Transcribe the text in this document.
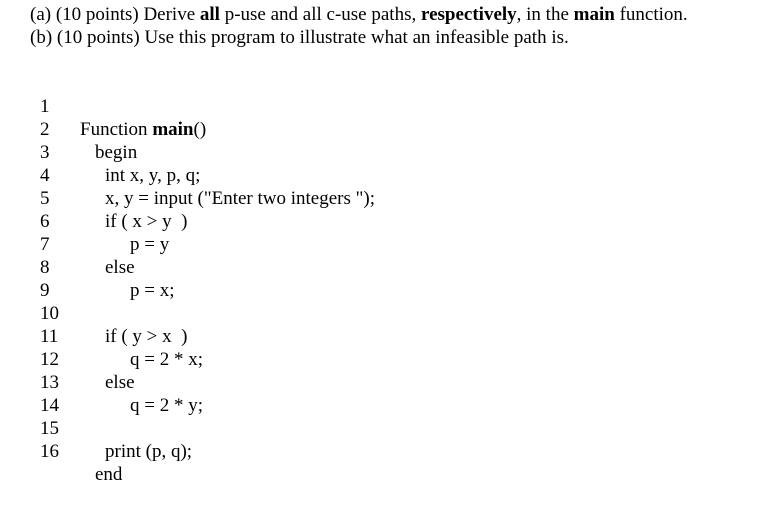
(a) (10 points) Derive all p-use and all c-use paths, respectively, in the main function.
(b) (10 points) Use this program to illustrate what an infeasible path is.

1

Function main()

2

begin

3

int x, y, p, q;

4

x, y = input ("Enter two integers ");

5

if ( x > y  )

6

p = y

7

else

8

p = x;

9

10

if ( y > x  )

11

q = 2 * x;

12

else

13

q = 2 * y;

14

15

print (p, q);

16

end
